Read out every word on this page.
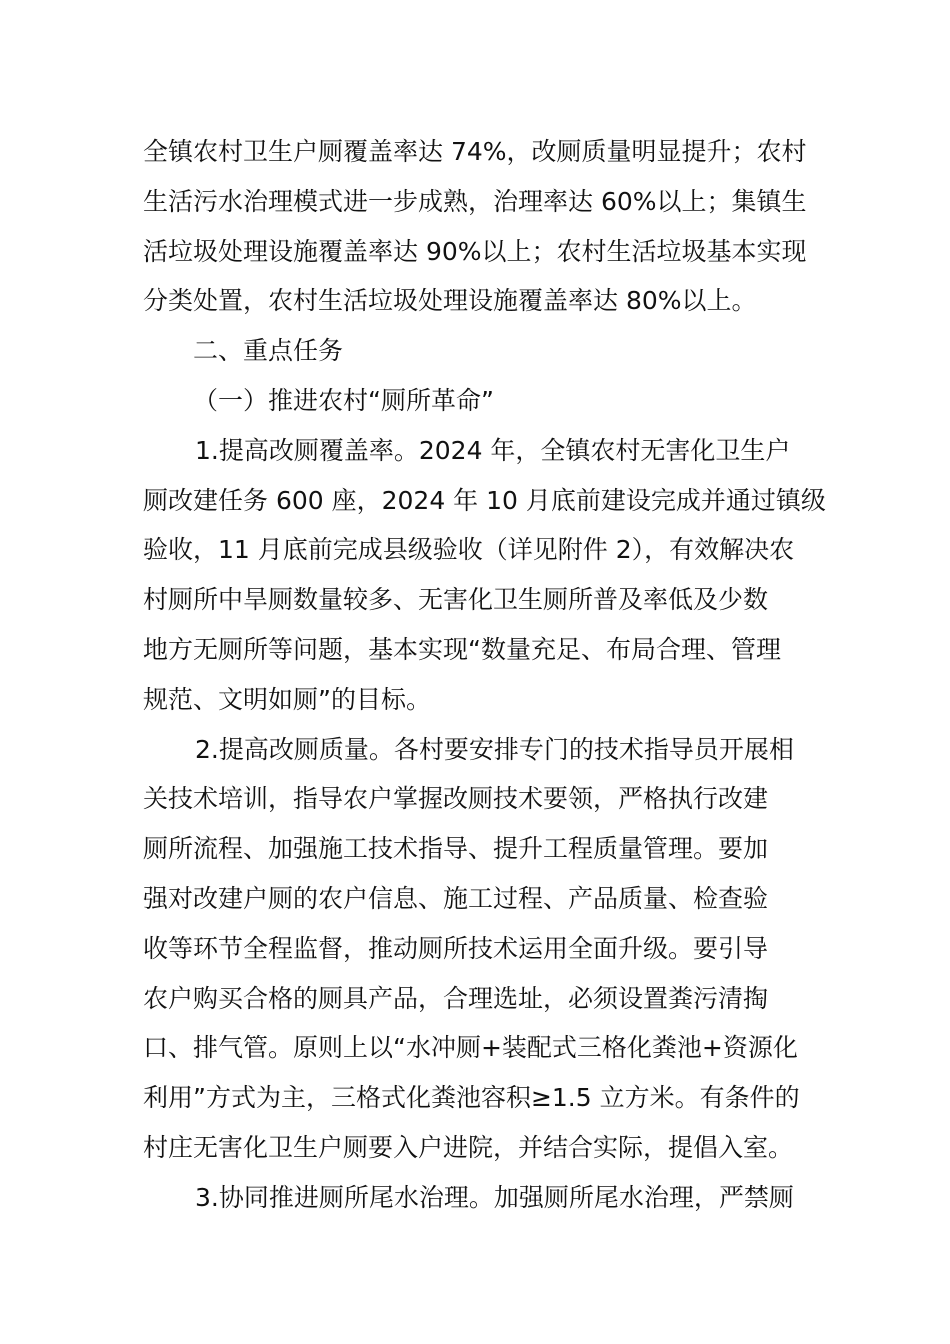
全镇农村卫生户厕覆盖率达 74%，改厕质量明显提升；农村
生活污水治理模式进一步成熟，治理率达 60%以上；集镇生
活垃圾处理设施覆盖率达 90%以上；农村生活垃圾基本实现
分类处置，农村生活垃圾处理设施覆盖率达 80%以上。
二、重点任务
（一）推进农村“厕所革命”
1.提高改厕覆盖率。2024 年，全镇农村无害化卫生户
厕改建任务 600 座，2024 年 10 月底前建设完成并通过镇级
验收，11 月底前完成县级验收（详见附件 2），有效解决农
村厕所中旱厕数量较多、无害化卫生厕所普及率低及少数
地方无厕所等问题，基本实现“数量充足、布局合理、管理
规范、文明如厕”的目标。
2.提高改厕质量。各村要安排专门的技术指导员开展相
关技术培训，指导农户掌握改厕技术要领，严格执行改建
厕所流程、加强施工技术指导、提升工程质量管理。要加
强对改建户厕的农户信息、施工过程、产品质量、检查验
收等环节全程监督，推动厕所技术运用全面升级。要引导
农户购买合格的厕具产品，合理选址，必须设置粪污清掏
口、排气管。原则上以“水冲厕+装配式三格化粪池+资源化
利用”方式为主，三格式化粪池容积≥1.5 立方米。有条件的
村庄无害化卫生户厕要入户进院，并结合实际，提倡入室。
3.协同推进厕所尾水治理。加强厕所尾水治理，严禁厕
